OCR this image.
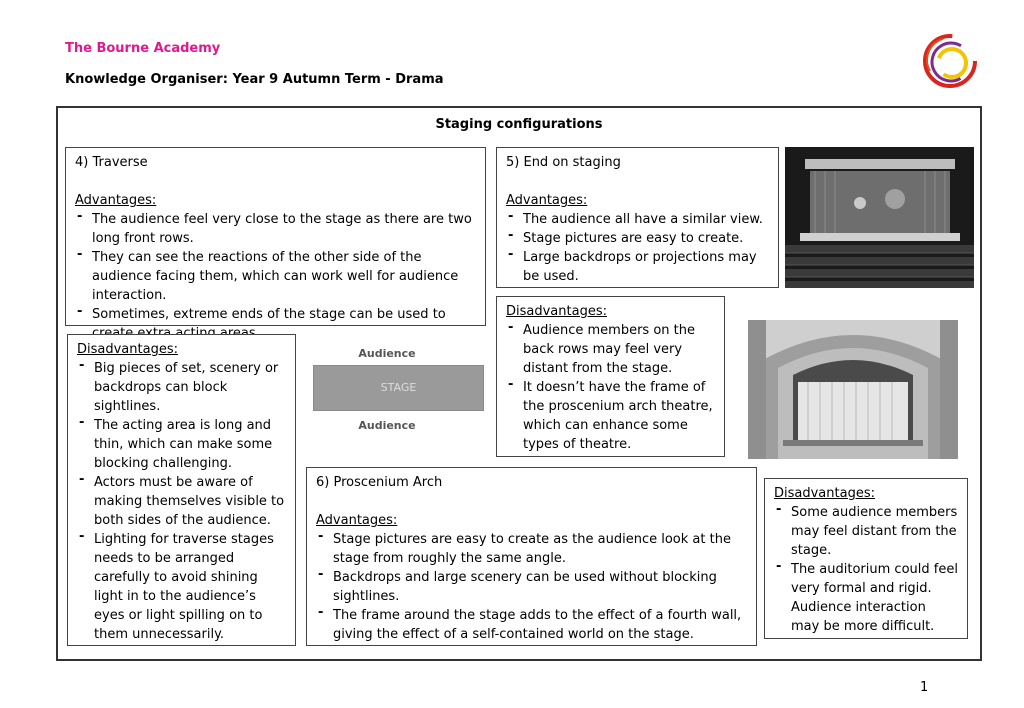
The Bourne Academy
Knowledge Organiser: Year 9 Autumn Term - Drama
Staging configurations
4) Traverse
Advantages:
- The audience feel very close to the stage as there are two long front rows.
- They can see the reactions of the other side of the audience facing them, which can work well for audience interaction.
- Sometimes, extreme ends of the stage can be used to
Disadvantages:
- Big pieces of set, scenery or backdrops can block sightlines.
- The acting area is long and thin, which can make some blocking challenging.
- Actors must be aware of making themselves visible to both sides of the audience.
- Lighting for traverse stages needs to be arranged carefully to avoid shining light in to the audience’s eyes or light spilling on to them unnecessarily.
Audience
STAGE
Audience
5) End on staging
Advantages:
- The audience all have a similar view.
- Stage pictures are easy to create.
- Large backdrops or projections may be used.
Disadvantages:
- Audience members on the back rows may feel very distant from the stage.
- It doesn’t have the frame of the proscenium arch theatre, which can enhance some types of theatre.
6) Proscenium Arch
Advantages:
- Stage pictures are easy to create as the audience look at the stage from roughly the same angle.
- Backdrops and large scenery can be used without blocking sightlines.
- The frame around the stage adds to the effect of a fourth wall, giving the effect of a self-contained world on the stage.
Disadvantages:
- Some audience members may feel distant from the stage.
- The auditorium could feel very formal and rigid. Audience interaction may be more difficult.
1
